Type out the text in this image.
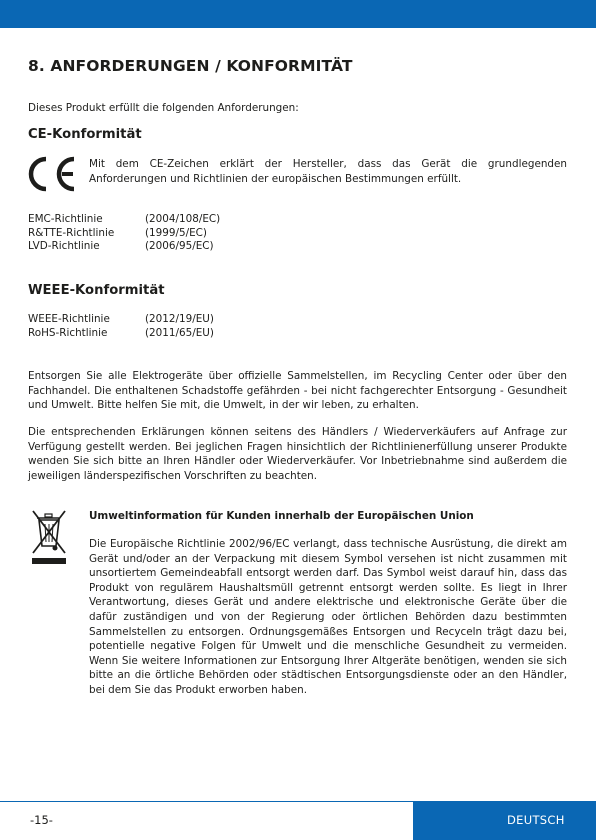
8. ANFORDERUNGEN / KONFORMITÄT

Dieses Produkt erfüllt die folgenden Anforderungen:

CE-Konformität

Mit dem CE-Zeichen erklärt der Hersteller, dass das Gerät die grundlegenden Anforderungen und Richtlinien der europäischen Bestimmungen erfüllt.

EMC-Richtlinie	(2004/108/EC)
R&TTE-Richtlinie	(1999/5/EC)
LVD-Richtlinie	(2006/95/EC)
WEEE-Konformität
WEEE-Richtlinie	(2012/19/EU)
RoHS-Richtlinie	(2011/65/EU)

Entsorgen Sie alle Elektrogeräte über offizielle Sammelstellen, im Recycling Center oder über den Fachhandel. Die enthaltenen Schadstoffe gefährden - bei nicht fachgerechter Entsorgung - Gesundheit und Umwelt. Bitte helfen Sie mit, die Umwelt, in der wir leben, zu erhalten.

Die entsprechenden Erklärungen können seitens des Händlers / Wiederverkäufers auf Anfrage zur Verfügung gestellt werden. Bei jeglichen Fragen hinsichtlich der Richtlinienerfüllung unserer Produkte wenden Sie sich bitte an Ihren Händler oder Wiederverkäufer. Vor Inbetriebnahme sind außerdem die jeweiligen länderspezifischen Vorschriften zu beachten.

Umweltinformation für Kunden innerhalb der Europäischen Union

Die Europäische Richtlinie 2002/96/EC verlangt, dass technische Ausrüstung, die direkt am Gerät und/oder an der Verpackung mit diesem Symbol versehen ist nicht zusammen mit unsortiertem Gemeindeabfall entsorgt werden darf. Das Symbol weist darauf hin, dass das Produkt von regulärem Haushaltsmüll getrennt entsorgt werden sollte. Es liegt in Ihrer Verantwortung, dieses Gerät und andere elektrische und elektronische Geräte über die dafür zuständigen und von der Regierung oder örtlichen Behörden dazu bestimmten Sammelstellen zu entsorgen. Ordnungsgemäßes Entsorgen und Recyceln trägt dazu bei, potentielle negative Folgen für Umwelt und die menschliche Gesundheit zu vermeiden. Wenn Sie weitere Informationen zur Entsorgung Ihrer Altgeräte benötigen, wenden sie sich bitte an die örtliche Behörden oder städtischen Entsorgungsdienste oder an den Händler, bei dem Sie das Produkt erworben haben.

-15-	DEUTSCH
